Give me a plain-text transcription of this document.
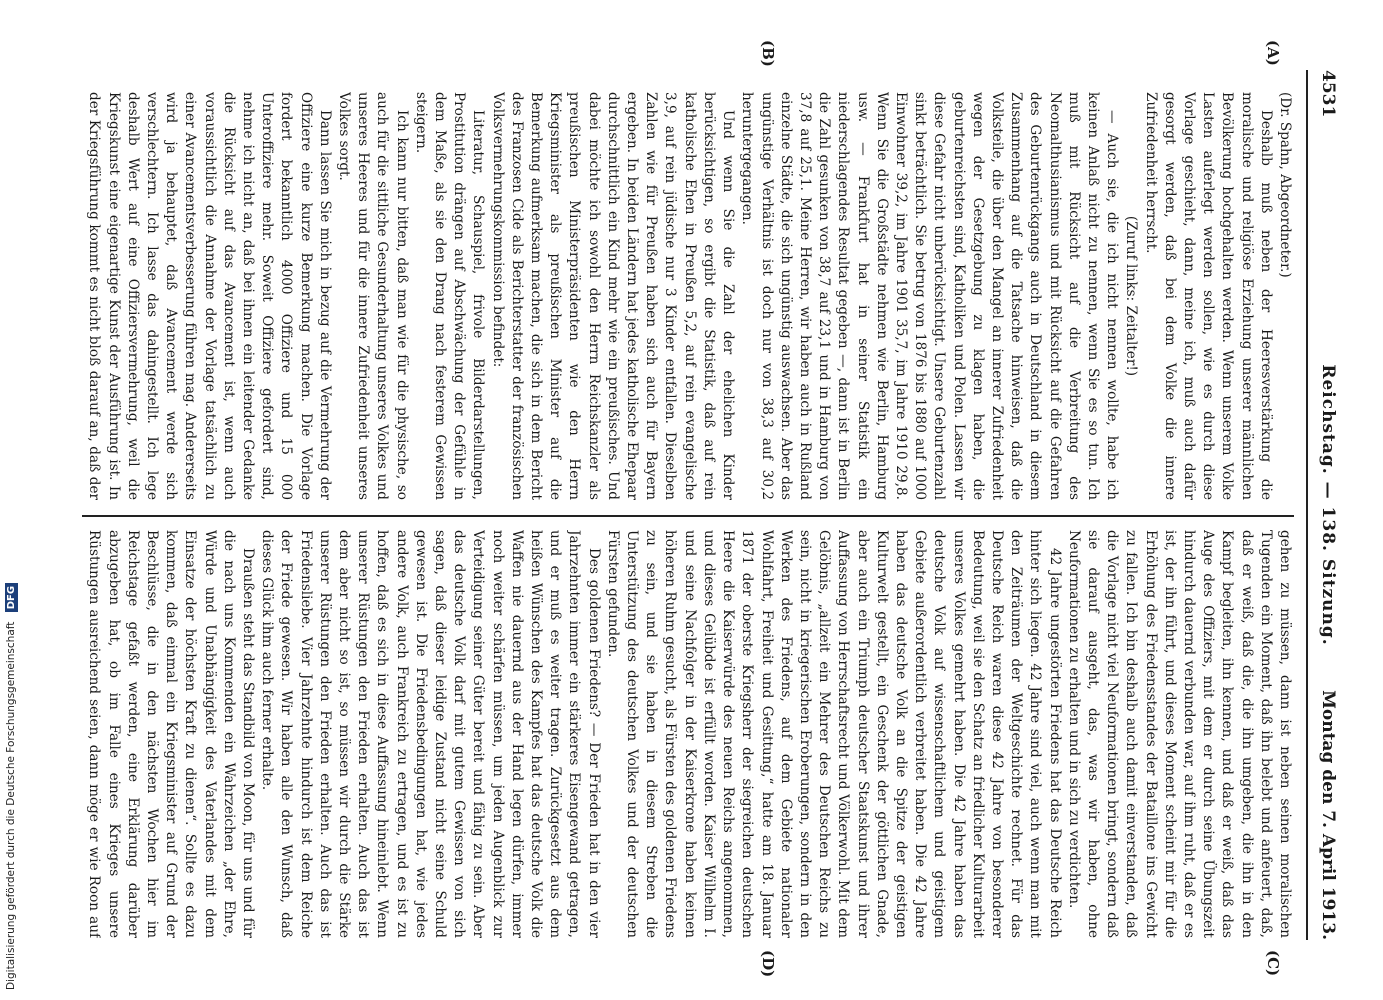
4531
Reichstag. — 138. Sitzung.
Montag den 7. April 1913.
(A)
(B)
(C)
(D)

(Dr. Spahn, Abgeordneter.)

Deshalb muß neben der Heeresverstärkung die moralische und religiöse Erziehung unserer männlichen Bevölkerung hochgehalten werden. Wenn unserem Volke Lasten auferlegt werden sollen, wie es durch diese Vorlage geschieht, dann, meine ich, muß auch dafür gesorgt werden, daß bei dem Volke die innere Zufriedenheit herrscht.

(Zuruf links: Zeitalter!)

— Auch sie, die ich nicht nennen wollte, habe ich keinen Anlaß nicht zu nennen, wenn Sie es so tun. Ich muß mit Rücksicht auf die Verbreitung des Neomalthusianismus und mit Rücksicht auf die Gefahren des Geburtenrückgangs auch in Deutschland in diesem Zusammenhang auf die Tatsache hinweisen, daß die Volksteile, die über den Mangel an innerer Zufriedenheit wegen der Gesetzgebung zu klagen haben, die geburtenreichsten sind, Katholiken und Polen. Lassen wir diese Gefahr nicht unberücksichtigt. Unsere Geburtenzahl sinkt beträchtlich. Sie betrug von 1876 bis 1880 auf 1000 Einwohner 39,2, im Jahre 1901 35,7, im Jahre 1910 29,8. Wenn Sie die Großstädte nehmen wie Berlin, Hamburg usw. — Frankfurt hat in seiner Statistik ein niederschlagendes Resultat gegeben —, dann ist in Berlin die Zahl gesunken von 38,7 auf 23,1 und in Hamburg von 37,8 auf 25,1. Meine Herren, wir haben auch in Rußland einzelne Städte, die sich ungünstig auswachsen. Aber das ungünstige Verhältnis ist doch nur von 38,3 auf 30,2 heruntergegangen.

Und wenn Sie die Zahl der ehelichen Kinder berücksichtigen, so ergibt die Statistik, daß auf rein katholische Ehen in Preußen 5,2, auf rein evangelische 3,9, auf rein jüdische nur 3 Kinder entfallen. Dieselben Zahlen wie für Preußen haben sich auch für Bayern ergeben. In beiden Ländern hat jedes katholische Ehepaar durchschnittlich ein Kind mehr wie ein preußisches. Und dabei möchte ich sowohl den Herrn Reichskanzler als preußischen Ministerpräsidenten wie den Herrn Kriegsminister als preußischen Minister auf die Bemerkung aufmerksam machen, die sich in dem Bericht des Franzosen Cide als Berichterstatter der französischen Volksvermehrungskommission befindet:

Literatur, Schauspiel, frivole Bilderdarstellungen, Prostitution drängen auf Abschwächung der Gefühle in dem Maße, als sie den Drang nach festerem Gewissen steigern.

Ich kann nur bitten, daß man wie für die physische, so auch für die sittliche Gesunderhaltung unseres Volkes und unseres Heeres und für die innere Zufriedenheit unseres Volkes sorgt.

Dann lassen Sie mich in bezug auf die Vermehrung der Offiziere eine kurze Bemerkung machen. Die Vorlage fordert bekanntlich 4000 Offiziere und 15 000 Unteroffiziere mehr. Soweit Offiziere gefordert sind, nehme ich nicht an, daß bei ihnen ein leitender Gedanke die Rücksicht auf das Avancement ist, wenn auch voraussichtlich die Annahme der Vorlage tatsächlich zu einer Avancementsverbesserung führen mag. Andererseits wird ja behauptet, daß Avancement werde sich verschlechtern. Ich lasse das dahingestellt. Ich lege deshalb Wert auf eine Offiziersvermehrung, weil die Kriegskunst eine eigenartige Kunst der Ausführung ist. In der Kriegsführung kommt es nicht bloß darauf an, daß der

gehen zu müssen, dann ist neben seinen moralischen Tugenden ein Moment, daß ihn belebt und anfeuert, daß, daß er weiß, daß die, die ihn umgeben, die ihn in den Kampf begleiten, ihn kennen, und daß er weiß, daß das Auge des Offiziers, mit dem er durch seine Übungszeit hindurch dauernd verbunden war, auf ihm ruht, daß er es ist, der ihn führt, und dieses Moment scheint mir für die Erhöhung des Friedensstandes der Bataillone ins Gewicht zu fallen. Ich bin deshalb auch damit einverstanden, daß die Vorlage nicht viel Neuformationen bringt, sondern daß sie darauf ausgeht, das, was wir haben, ohne Neuformationen zu erhalten und in sich zu verdichten.

42 Jahre ungestörten Friedens hat das Deutsche Reich hinter sich liegen. 42 Jahre sind viel, auch wenn man mit den Zeiträumen der Weltgeschichte rechnet. Für das Deutsche Reich waren diese 42 Jahre von besonderer Bedeutung, weil sie den Schatz an friedlicher Kulturarbeit unseres Volkes gemehrt haben. Die 42 Jahre haben das deutsche Volk auf wissenschaftlichem und geistigem Gebiete außerordentlich verbreitet haben. Die 42 Jahre haben das deutsche Volk an die Spitze der geistigen Kulturwelt gestellt, ein Geschenk der göttlichen Gnade, aber auch ein Triumph deutscher Staatskunst und ihrer Auffassung von Herrschaftsrecht und Völkerwohl. Mit dem Gelöbnis, „allzeit ein Mehrer des Deutschen Reichs zu sein, nicht in kriegerischen Eroberungen, sondern in den Werken des Friedens, auf dem Gebiete nationaler Wohlfahrt, Freiheit und Gesittung,“ hatte am 18. Januar 1871 der oberste Kriegsherr der siegreichen deutschen Heere die Kaiserwürde des neuen Reichs angenommen, und dieses Gelübde ist erfüllt worden. Kaiser Wilhelm I. und seine Nachfolger in der Kaiserkrone haben keinen höheren Ruhm gesucht, als Fürsten des goldenen Friedens zu sein, und sie haben in diesem Streben die Unterstützung des deutschen Volkes und der deutschen Fürsten gefunden.

Des goldenen Friedens? — Der Frieden hat in den vier Jahrzehnten immer ein stärkeres Eisengewand getragen, und er muß es weiter tragen. Zurückgesetzt aus dem heißen Wünschen des Kampfes hat das deutsche Volk die Waffen nie dauernd aus der Hand legen dürfen, immer noch weiter schärfen müssen, um jeden Augenblick zur Verteidigung seiner Güter bereit und fähig zu sein. Aber das deutsche Volk darf mit gutem Gewissen von sich sagen, daß dieser leidige Zustand nicht seine Schuld gewesen ist. Die Friedensbedingungen hat, wie jedes andere Volk, auch Frankreich zu ertragen, und es ist zu hoffen, daß es sich in diese Auffassung hineinlebt. Wenn unserer Rüstungen den Frieden erhalten. Auch das ist dem aber nicht so ist, so müssen wir durch die Stärke unserer Rüstungen den Frieden erhalten. Auch das ist Friedensliebe. Vier Jahrzehnte hindurch ist dem Reiche der Friede gewesen. Wir haben alle den Wunsch, daß dieses Glück ihm auch ferner erhalte.

Draußen steht das Standbild von Moon, für uns und für die nach uns Kommenden ein Wahrzeichen „der Ehre, Würde und Unabhängigkeit des Vaterlandes mit dem Einsatze der höchsten Kraft zu dienen“. Sollte es dazu kommen, daß einmal ein Kriegsminister auf Grund der Beschlüsse, die in den nächsten Wochen hier im Reichstage gefaßt werden, eine Erklärung darüber abzugeben hat, ob im Falle eines Krieges unsere Rüstungen ausreichend seien, dann möge er wie Roon auf

Digitalisierung gefördert durch die Deutsche Forschungsgemeinschaft DFG
